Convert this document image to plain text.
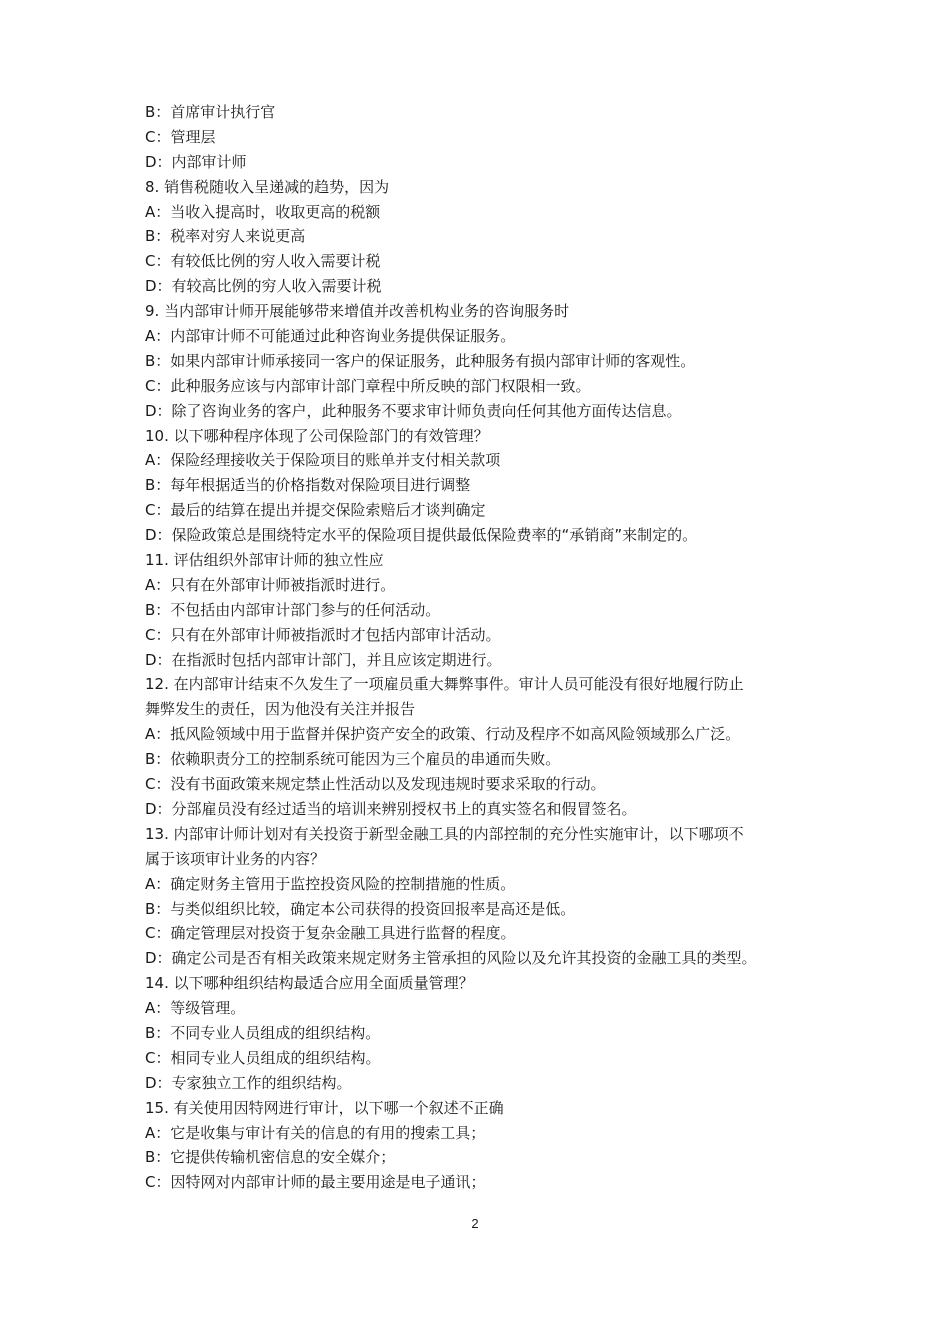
B：首席审计执行官
C：管理层
D：内部审计师
8. 销售税随收入呈递减的趋势，因为
A：当收入提高时，收取更高的税额
B：税率对穷人来说更高
C：有较低比例的穷人收入需要计税
D：有较高比例的穷人收入需要计税
9. 当内部审计师开展能够带来增值并改善机构业务的咨询服务时
A：内部审计师不可能通过此种咨询业务提供保证服务。
B：如果内部审计师承接同一客户的保证服务，此种服务有损内部审计师的客观性。
C：此种服务应该与内部审计部门章程中所反映的部门权限相一致。
D：除了咨询业务的客户，此种服务不要求审计师负责向任何其他方面传达信息。
10. 以下哪种程序体现了公司保险部门的有效管理？
A：保险经理接收关于保险项目的账单并支付相关款项
B：每年根据适当的价格指数对保险项目进行调整
C：最后的结算在提出并提交保险索赔后才谈判确定
D：保险政策总是围绕特定水平的保险项目提供最低保险费率的“承销商”来制定的。
11. 评估组织外部审计师的独立性应
A：只有在外部审计师被指派时进行。
B：不包括由内部审计部门参与的任何活动。
C：只有在外部审计师被指派时才包括内部审计活动。
D：在指派时包括内部审计部门，并且应该定期进行。
12. 在内部审计结束不久发生了一项雇员重大舞弊事件。审计人员可能没有很好地履行防止
舞弊发生的责任，因为他没有关注并报告
A：抵风险领域中用于监督并保护资产安全的政策、行动及程序不如高风险领域那么广泛。
B：依赖职责分工的控制系统可能因为三个雇员的串通而失败。
C：没有书面政策来规定禁止性活动以及发现违规时要求采取的行动。
D：分部雇员没有经过适当的培训来辨别授权书上的真实签名和假冒签名。
13. 内部审计师计划对有关投资于新型金融工具的内部控制的充分性实施审计，以下哪项不
属于该项审计业务的内容？
A：确定财务主管用于监控投资风险的控制措施的性质。
B：与类似组织比较，确定本公司获得的投资回报率是高还是低。
C：确定管理层对投资于复杂金融工具进行监督的程度。
D：确定公司是否有相关政策来规定财务主管承担的风险以及允许其投资的金融工具的类型。
14. 以下哪种组织结构最适合应用全面质量管理？
A：等级管理。
B：不同专业人员组成的组织结构。
C：相同专业人员组成的组织结构。
D：专家独立工作的组织结构。
15. 有关使用因特网进行审计，以下哪一个叙述不正确
A：它是收集与审计有关的信息的有用的搜索工具；
B：它提供传输机密信息的安全媒介；
C：因特网对内部审计师的最主要用途是电子通讯；
2
